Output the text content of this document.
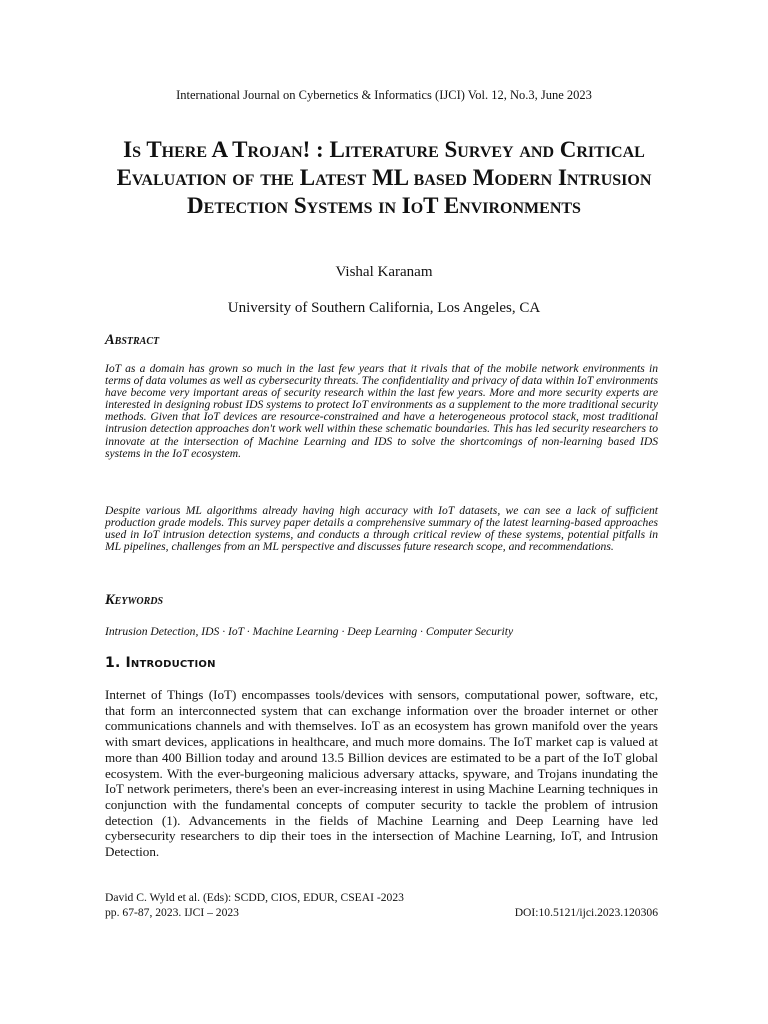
International Journal on Cybernetics & Informatics (IJCI) Vol. 12, No.3, June 2023
Is There A Trojan! : Literature Survey and Critical Evaluation of the Latest ML based Modern Intrusion Detection Systems in IoT Environments
Vishal Karanam
University of Southern California, Los Angeles, CA
Abstract

IoT as a domain has grown so much in the last few years that it rivals that of the mobile network environments in terms of data volumes as well as cybersecurity threats. The confidentiality and privacy of data within IoT environments have become very important areas of security research within the last few years. More and more security experts are interested in designing robust IDS systems to protect IoT environments as a supplement to the more traditional security methods. Given that IoT devices are resource-constrained and have a heterogeneous protocol stack, most traditional intrusion detection approaches don't work well within these schematic boundaries. This has led security researchers to innovate at the intersection of Machine Learning and IDS to solve the shortcomings of non-learning based IDS systems in the IoT ecosystem.

Despite various ML algorithms already having high accuracy with IoT datasets, we can see a lack of sufficient production grade models. This survey paper details a comprehensive summary of the latest learning-based approaches used in IoT intrusion detection systems, and conducts a through critical review of these systems, potential pitfalls in ML pipelines, challenges from an ML perspective and discusses future research scope, and recommendations.

Keywords
Intrusion Detection, IDS · IoT · Machine Learning · Deep Learning · Computer Security
1. Introduction

Internet of Things (IoT) encompasses tools/devices with sensors, computational power, software, etc, that form an interconnected system that can exchange information over the broader internet or other communications channels and with themselves. IoT as an ecosystem has grown manifold over the years with smart devices, applications in healthcare, and much more domains. The IoT market cap is valued at more than 400 Billion today and around 13.5 Billion devices are estimated to be a part of the IoT global ecosystem. With the ever-burgeoning malicious adversary attacks, spyware, and Trojans inundating the IoT network perimeters, there's been an ever-increasing interest in using Machine Learning techniques in conjunction with the fundamental concepts of computer security to tackle the problem of intrusion detection (1). Advancements in the fields of Machine Learning and Deep Learning have led cybersecurity researchers to dip their toes in the intersection of Machine Learning, IoT, and Intrusion Detection.

David C. Wyld et al. (Eds): SCDD, CIOS, EDUR, CSEAI -2023
pp. 67-87, 2023. IJCI – 2023	DOI:10.5121/ijci.2023.120306
